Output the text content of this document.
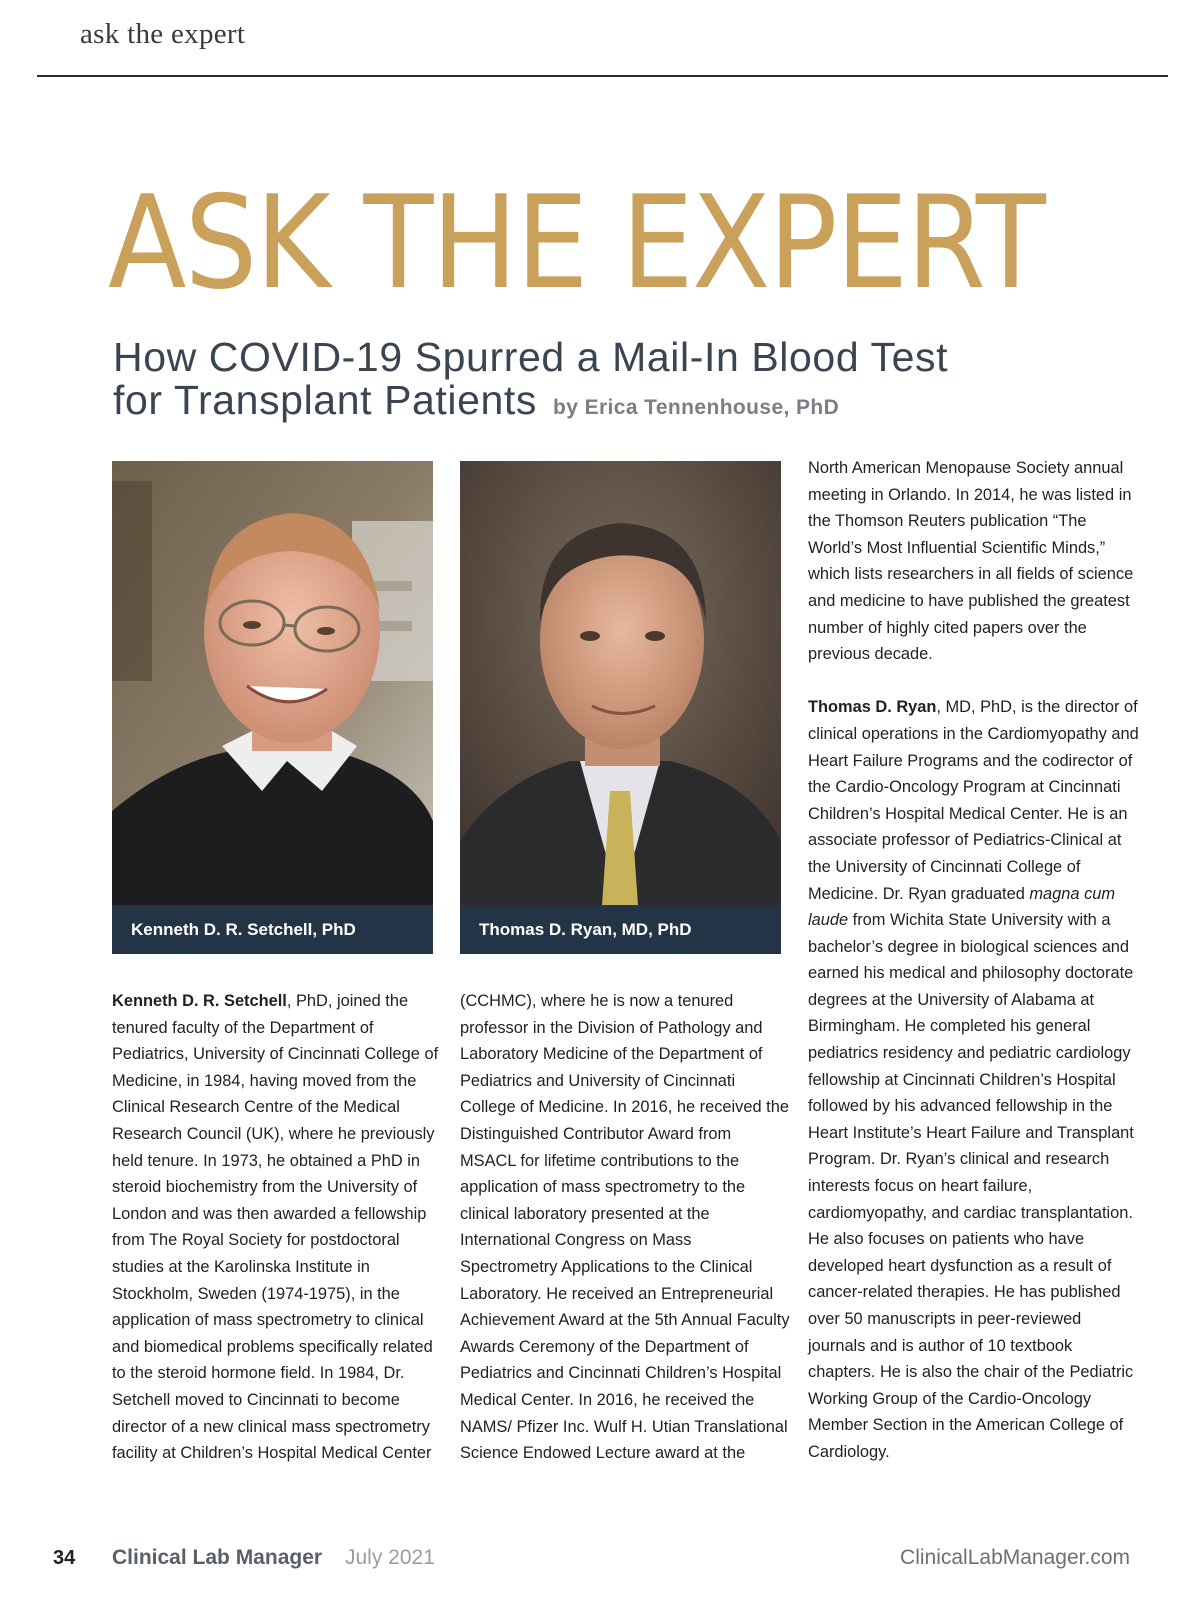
ask the expert
ASK THE EXPERT
How COVID-19 Spurred a Mail-In Blood Test
for Transplant Patients by Erica Tennenhouse, PhD
Kenneth D. R. Setchell, PhD	Thomas D. Ryan, MD, PhD

Kenneth D. R. Setchell, PhD, joined the tenured faculty of the Department of Pediatrics, University of Cincinnati College of Medicine, in 1984, having moved from the Clinical Research Centre of the Medical Research Council (UK), where he previously held tenure. In 1973, he obtained a PhD in steroid biochemistry from the University of London and was then awarded a fellowship from The Royal Society for postdoctoral studies at the Karolinska Institute in Stockholm, Sweden (1974-1975), in the application of mass spectrometry to clinical and biomedical problems specifically related to the steroid hormone field. In 1984, Dr. Setchell moved to Cincinnati to become director of a new clinical mass spectrometry facility at Children’s Hospital Medical Center

(CCHMC), where he is now a tenured professor in the Division of Pathology and Laboratory Medicine of the Department of Pediatrics and University of Cincinnati College of Medicine. In 2016, he received the Distinguished Contributor Award from MSACL for lifetime contributions to the application of mass spectrometry to the clinical laboratory presented at the International Congress on Mass Spectrometry Applications to the Clinical Laboratory. He received an Entrepreneurial Achievement Award at the 5th Annual Faculty Awards Ceremony of the Department of Pediatrics and Cincinnati Children’s Hospital Medical Center. In 2016, he received the NAMS/ Pfizer Inc. Wulf H. Utian Translational Science Endowed Lecture award at the

North American Menopause Society annual meeting in Orlando. In 2014, he was listed in the Thomson Reuters publication “The World’s Most Influential Scientific Minds,” which lists researchers in all fields of science and medicine to have published the greatest number of highly cited papers over the previous decade.

Thomas D. Ryan, MD, PhD, is the director of clinical operations in the Cardiomyopathy and Heart Failure Programs and the codirector of the Cardio-Oncology Program at Cincinnati Children’s Hospital Medical Center. He is an associate professor of Pediatrics-Clinical at the University of Cincinnati College of Medicine. Dr. Ryan graduated magna cum laude from Wichita State University with a bachelor’s degree in biological sciences and earned his medical and philosophy doctorate degrees at the University of Alabama at Birmingham. He completed his general pediatrics residency and pediatric cardiology fellowship at Cincinnati Children’s Hospital followed by his advanced fellowship in the Heart Institute’s Heart Failure and Transplant Program. Dr. Ryan’s clinical and research interests focus on heart failure, cardiomyopathy, and cardiac transplantation. He also focuses on patients who have developed heart dysfunction as a result of cancer-related therapies. He has published over 50 manuscripts in peer-reviewed journals and is author of 10 textbook chapters. He is also the chair of the Pediatric Working Group of the Cardio-Oncology Member Section in the American College of Cardiology.

34 Clinical Lab Manager July 2021	ClinicalLabManager.com
